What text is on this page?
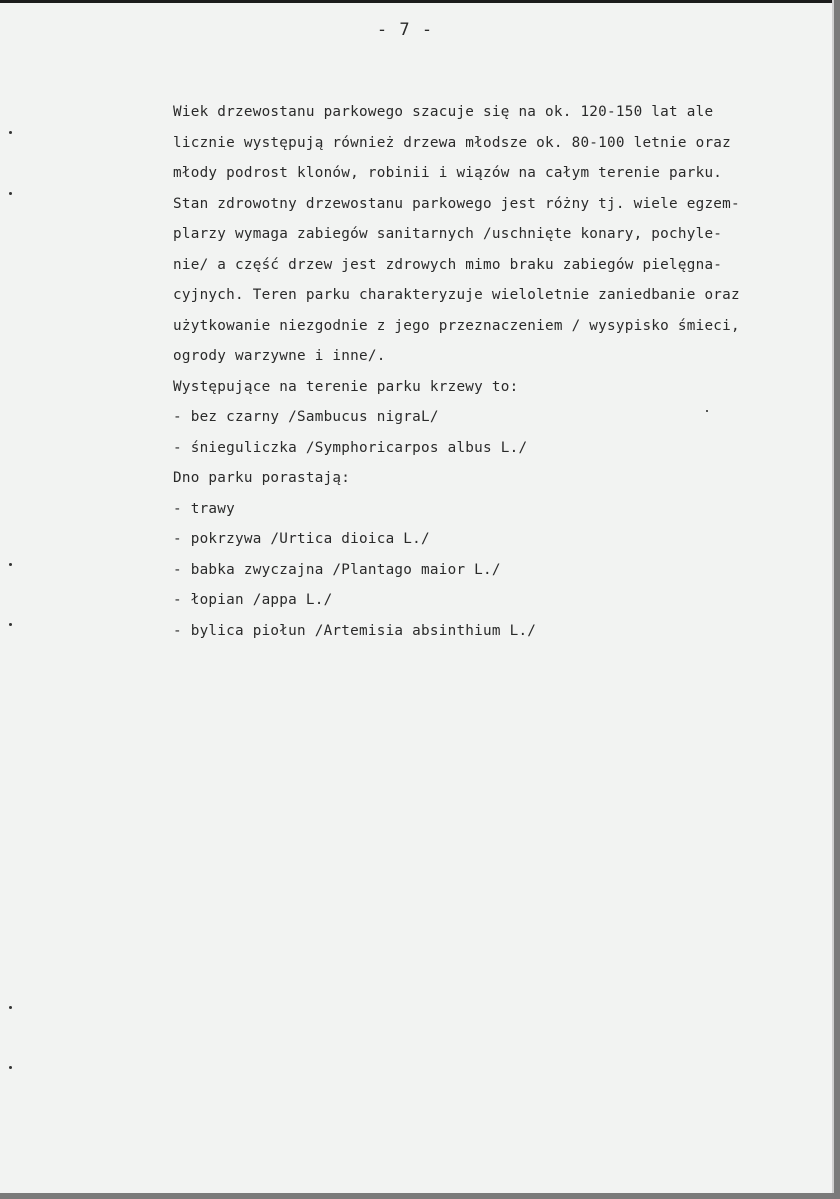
- 7 -
Wiek drzewostanu parkowego szacuje się na ok. 120-150 lat ale
licznie występują również drzewa młodsze ok. 80-100 letnie oraz
młody podrost klonów, robinii i wiązów na całym terenie parku.
Stan zdrowotny drzewostanu parkowego jest różny tj. wiele egzem-
plarzy wymaga zabiegów sanitarnych /uschnięte konary, pochyle-
nie/ a część drzew jest zdrowych mimo braku zabiegów pielęgna-
cyjnych. Teren parku charakteryzuje wieloletnie zaniedbanie oraz
użytkowanie niezgodnie z jego przeznaczeniem / wysypisko śmieci,
ogrody warzywne i inne/.
Występujące na terenie parku krzewy to:
- bez czarny /Sambucus nigraL/
- śnieguliczka /Symphoricarpos albus L./
Dno parku porastają:
- trawy
- pokrzywa /Urtica dioica L./
- babka zwyczajna /Plantago maior L./
- łopian /appa L./
- bylica piołun /Artemisia absinthium L./
